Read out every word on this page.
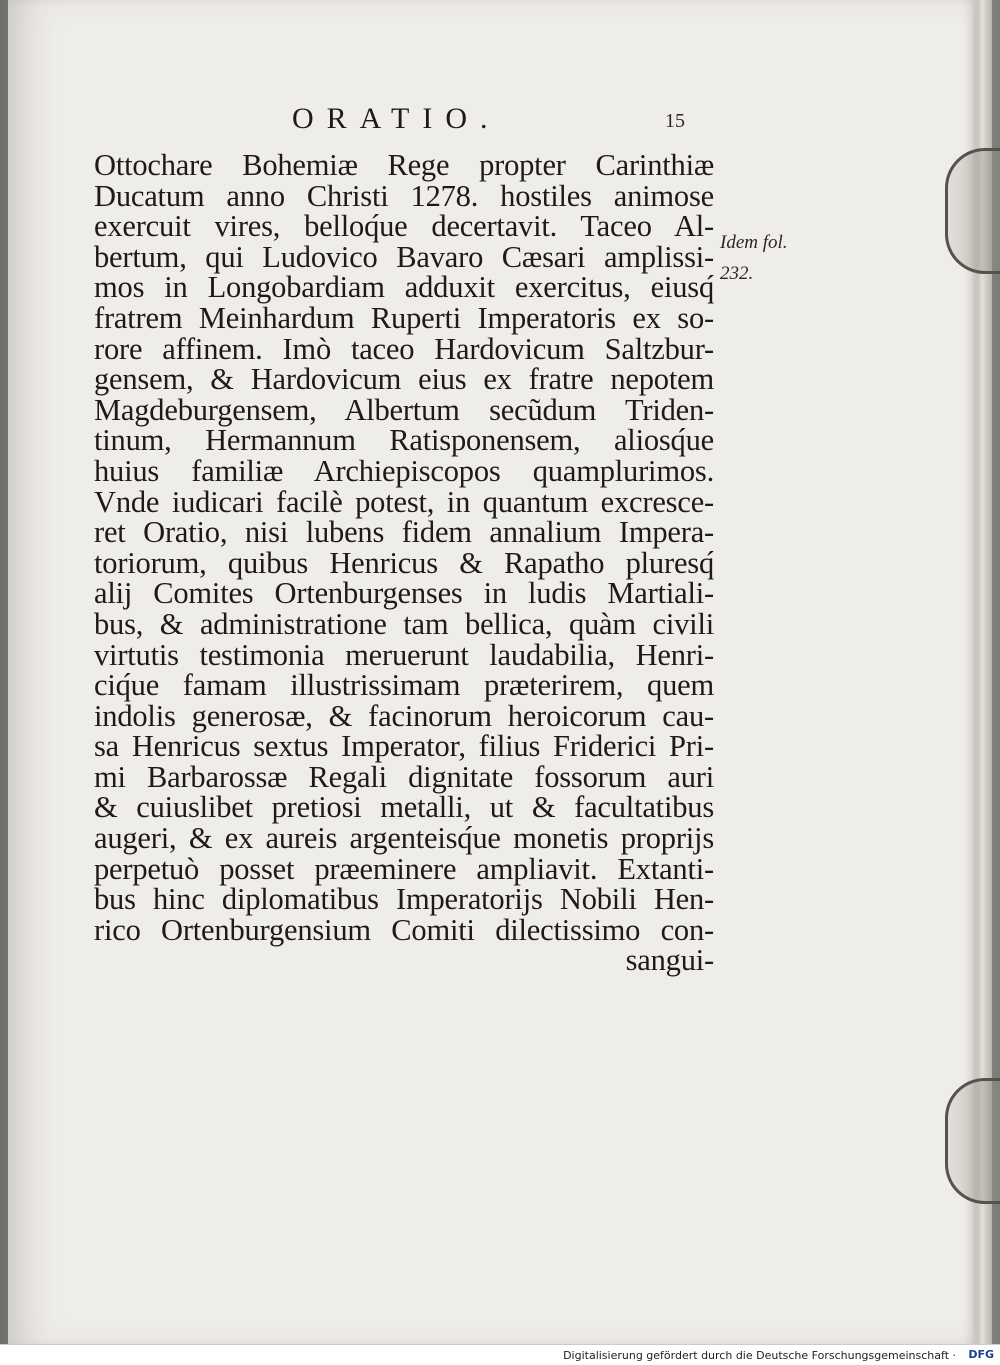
ORATIO.	15
Ottochare Bohemiæ Rege propter Carinthiæ
Ducatum anno Christi 1278. hostiles animose
exercuit vires, belloq́ue decertavit. Taceo Al-
bertum, qui Ludovico Bavaro Cæsari amplissi-
mos in Longobardiam adduxit exercitus, eiusq́
fratrem Meinhardum Ruperti Imperatoris ex so-
rore affinem. Imò taceo Hardovicum Saltzbur-
gensem, & Hardovicum eius ex fratre nepotem
Magdeburgensem, Albertum secũdum Triden-
tinum, Hermannum Ratisponensem, aliosq́ue
huius familiæ Archiepiscopos quamplurimos.
Vnde iudicari facilè potest, in quantum excresce-
ret Oratio, nisi lubens fidem annalium Impera-
toriorum, quibus Henricus & Rapatho pluresq́
alij Comites Ortenburgenses in ludis Martiali-
bus, & administratione tam bellica, quàm civili
virtutis testimonia meruerunt laudabilia, Henri-
ciq́ue famam illustrissimam præterirem, quem
indolis generosæ, & facinorum heroicorum cau-
sa Henricus sextus Imperator, filius Friderici Pri-
mi Barbarossæ Regali dignitate fossorum auri
& cuiuslibet pretiosi metalli, ut & facultatibus
augeri, & ex aureis argenteisq́ue monetis proprijs
perpetuò posset præeminere ampliavit. Extanti-
bus hinc diplomatibus Imperatorijs Nobili Hen-
rico Ortenburgensium Comiti dilectissimo con-
sangui-
Idem fol.
232.
Digitalisierung gefördert durch die Deutsche Forschungsgemeinschaft · DFG
